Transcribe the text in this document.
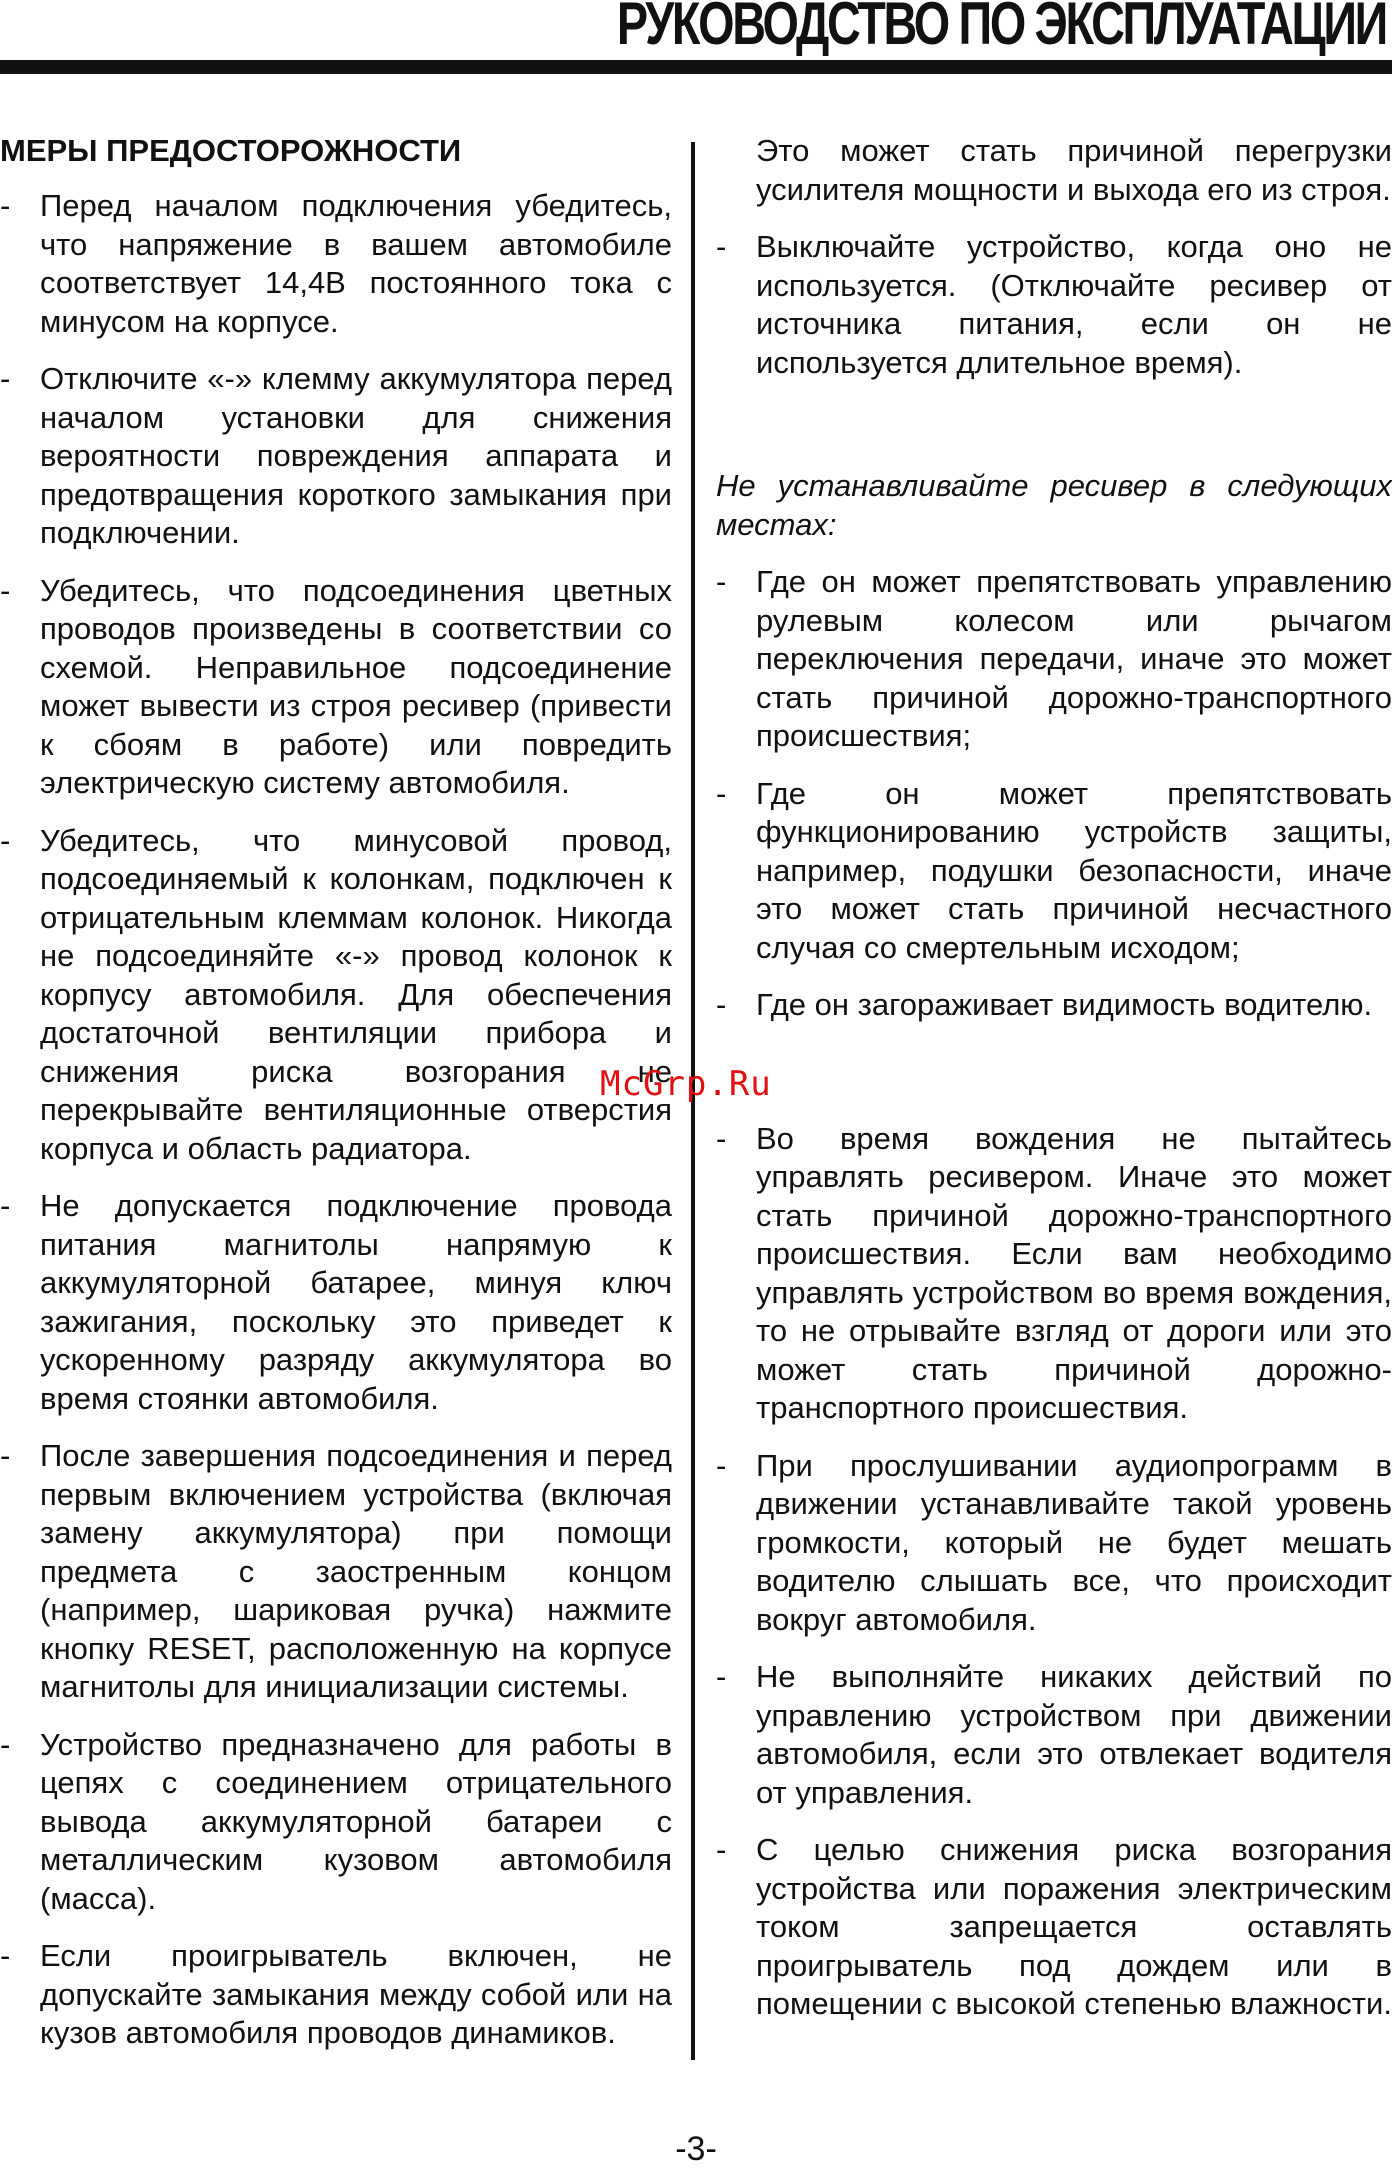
РУКОВОДСТВО ПО ЭКСПЛУАТАЦИИ
МЕРЫ ПРЕДОСТОРОЖНОСТИ
- Перед началом подключения убедитесь, что напряжение в вашем автомобиле соответствует 14,4В постоянного тока с минусом на корпусе.
- Отключите «-» клемму аккумулятора перед началом установки для снижения вероятности повреждения аппарата и предотвращения короткого замыкания при подключении.
- Убедитесь, что подсоединения цветных проводов произведены в соответствии со схемой. Неправильное подсоединение может вывести из строя ресивер (привести к сбоям в работе) или повредить электрическую систему автомобиля.
- Убедитесь, что минусовой провод, подсоединяемый к колонкам, подключен к отрицательным клеммам колонок. Никогда не подсоединяйте «-» провод колонок к корпусу автомобиля. Для обеспечения достаточной вентиляции прибора и снижения риска возгорания не перекрывайте вентиляционные отверстия корпуса и область радиатора.
- Не допускается подключение провода питания магнитолы напрямую к аккумуляторной батарее, минуя ключ зажигания, поскольку это приведет к ускоренному разряду аккумулятора во время стоянки автомобиля.
- После завершения подсоединения и перед первым включением устройства (включая замену аккумулятора) при помощи предмета с заостренным концом (например, шариковая ручка) нажмите кнопку RESET, расположенную на корпусе магнитолы для инициализации системы.
- Устройство предназначено для работы в цепях с соединением отрицательного вывода аккумуляторной батареи с металлическим кузовом автомобиля (масса).
- Если проигрыватель включен, не допускайте замыкания между собой или на кузов автомобиля проводов динамиков.
Это может стать причиной перегрузки усилителя мощности и выхода его из строя.
- Выключайте устройство, когда оно не используется. (Отключайте ресивер от источника питания, если он не используется длительное время).
Не устанавливайте ресивер в следующих местах:
- Где он может препятствовать управлению рулевым колесом или рычагом переключения передачи, иначе это может стать причиной дорожно-транспортного происшествия;
- Где он может препятствовать функционированию устройств защиты, например, подушки безопасности, иначе это может стать причиной несчастного случая со смертельным исходом;
- Где он загораживает видимость водителю.
- Во время вождения не пытайтесь управлять ресивером. Иначе это может стать причиной дорожно-транспортного происшествия. Если вам необходимо управлять устройством во время вождения, то не отрывайте взгляд от дороги или это может стать причиной дорожно-транспортного происшествия.
- При прослушивании аудиопрограмм в движении устанавливайте такой уровень громкости, который не будет мешать водителю слышать все, что происходит вокруг автомобиля.
- Не выполняйте никаких действий по управлению устройством при движении автомобиля, если это отвлекает водителя от управления.
- С целью снижения риска возгорания устройства или поражения электрическим током запрещается оставлять проигрыватель под дождем или в помещении с высокой степенью влажности.
McGrp.Ru
-3-
